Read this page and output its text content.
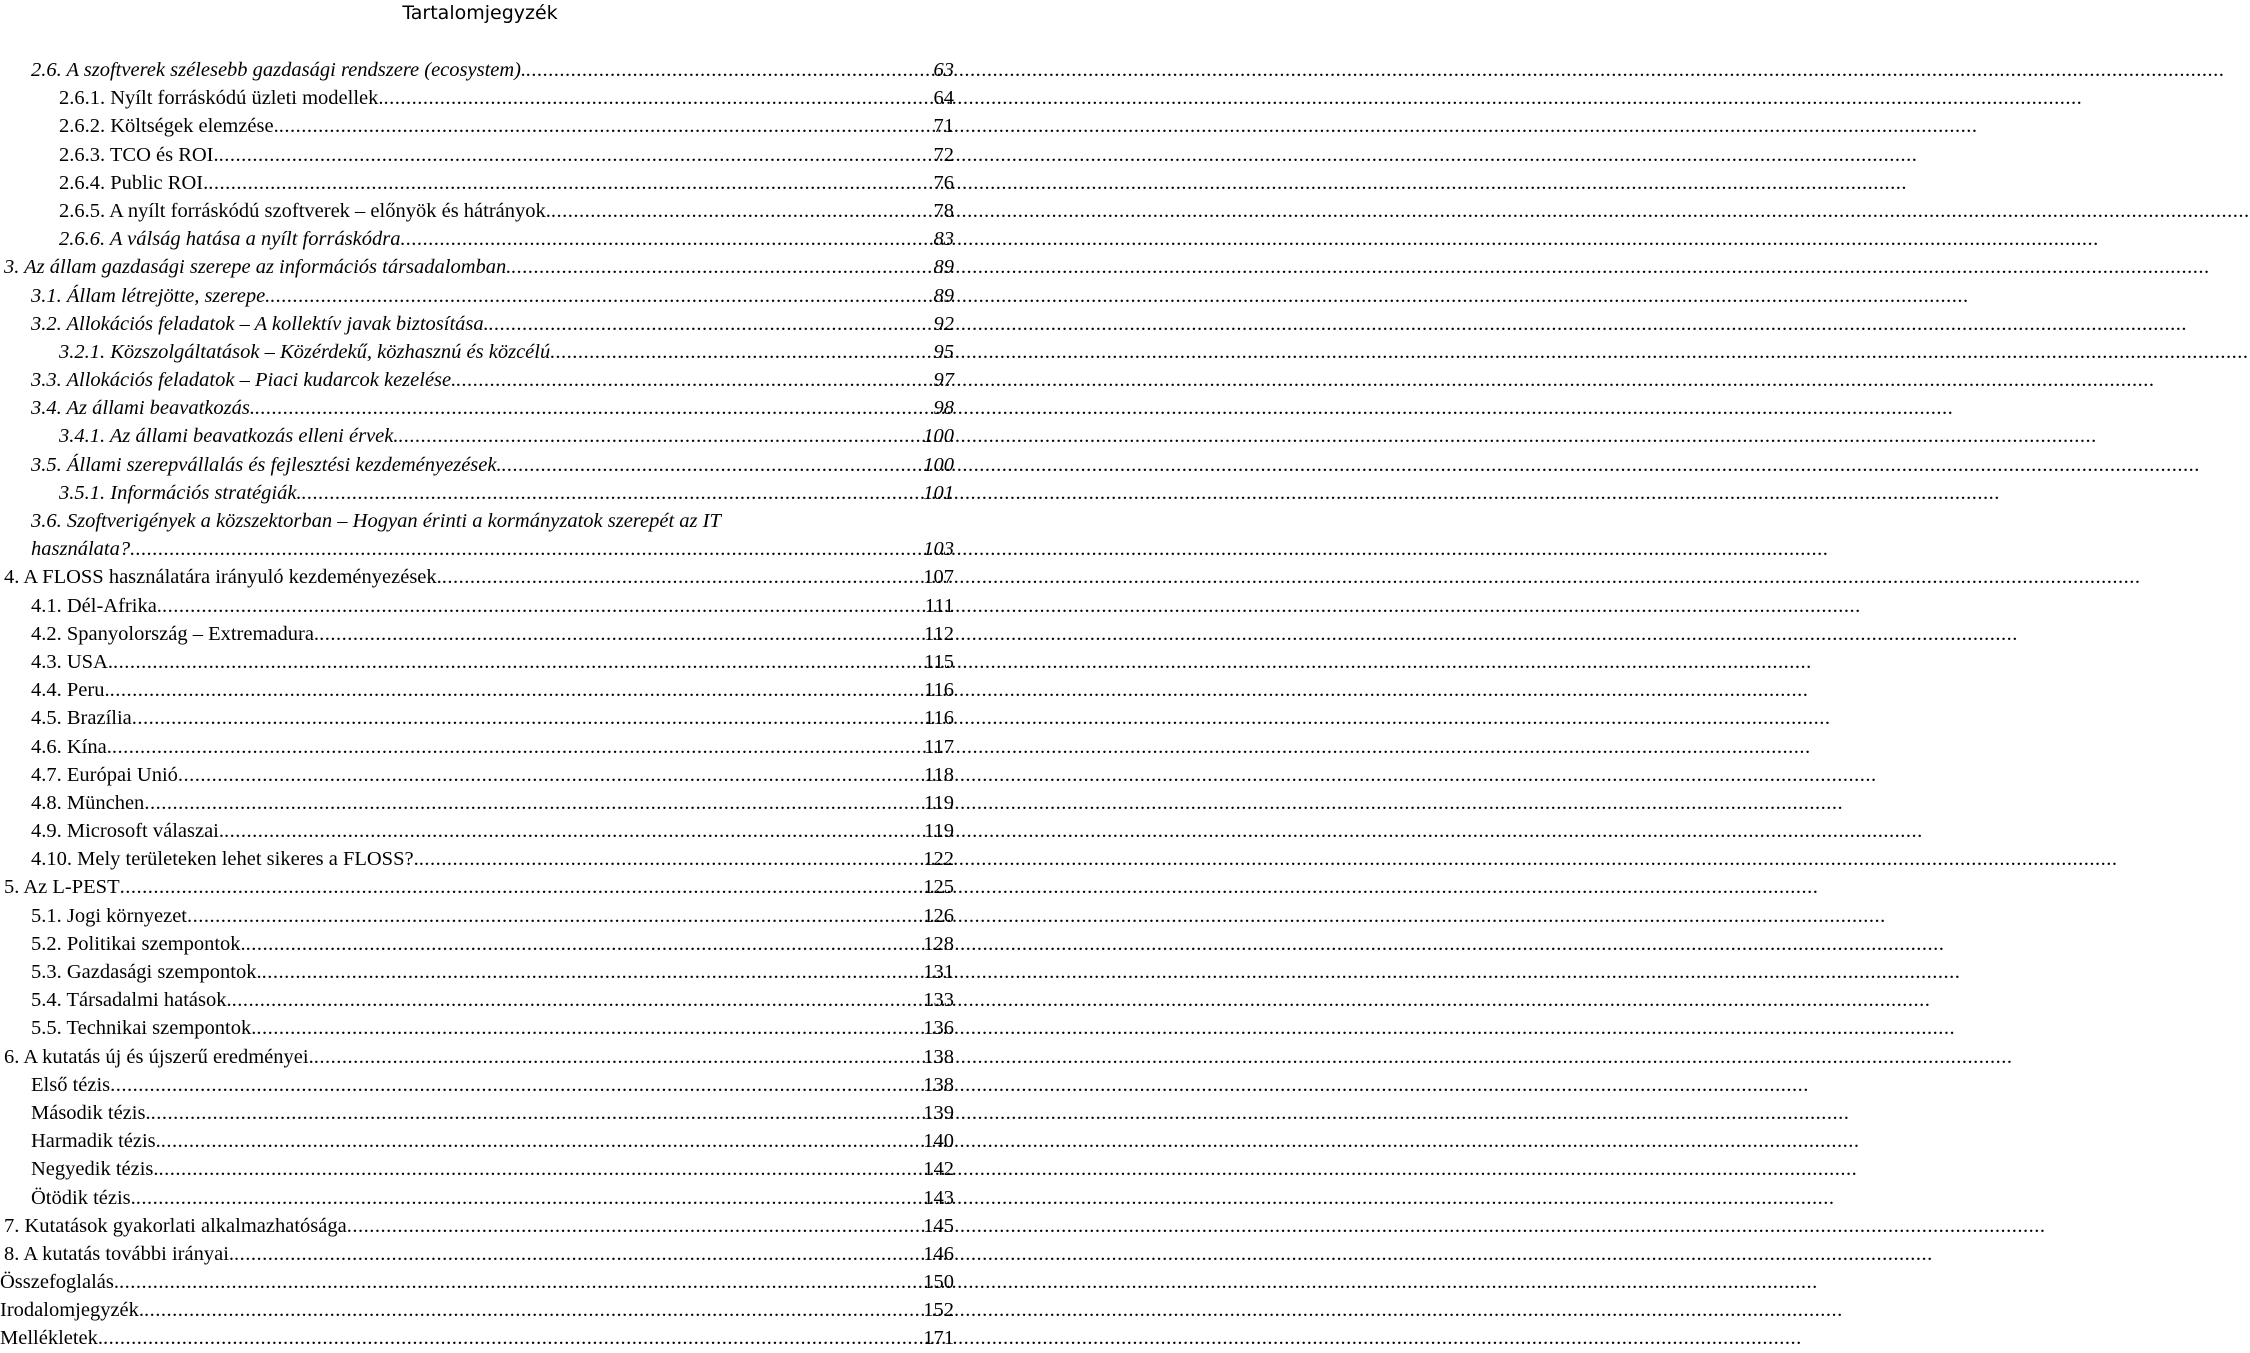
Tartalomjegyzék
2.6. A szoftverek szélesebb gazdasági rendszere (ecosystem). .....	63
2.6.1. Nyílt forráskódú üzleti modellek. .....	64
2.6.2. Költségek elemzése. .....	71
2.6.3. TCO és ROI. .....	72
2.6.4. Public ROI. .....	76
2.6.5. A nyílt forráskódú szoftverek – előnyök és hátrányok. .....	78
2.6.6. A válság hatása a nyílt forráskódra .....	83
3. Az állam gazdasági szerepe az információs társadalomban. .....	89
3.1. Állam létrejötte, szerepe. .....	89
3.2. Allokációs feladatok – A kollektív javak biztosítása. .....	92
3.2.1. Közszolgáltatások – Közérdekű, közhasznú és közcélú .....	95
3.3. Allokációs feladatok – Piaci kudarcok kezelése. .....	97
3.4. Az állami beavatkozás. .....	98
3.4.1. Az állami beavatkozás elleni érvek. .....	100
3.5. Állami szerepvállalás és fejlesztési kezdeményezések. .....	100
3.5.1. Információs stratégiák. .....	101
3.6. Szoftverigények a közszektorban – Hogyan érinti a kormányzatok szerepét az IT
használata? .....	103
4. A FLOSS használatára irányuló kezdeményezések. .....	107
4.1. Dél-Afrika. .....	111
4.2. Spanyolország – Extremadura. .....	112
4.3. USA. .....	115
4.4. Peru. .....	116
4.5. Brazília .....	116
4.6. Kína. .....	117
4.7. Európai Unió .....	118
4.8. München .....	119
4.9. Microsoft válaszai. .....	119
4.10. Mely területeken lehet sikeres a FLOSS?. .....	122
5. Az L-PEST .....	125
5.1. Jogi környezet .....	126
5.2. Politikai szempontok. .....	128
5.3. Gazdasági szempontok. .....	131
5.4. Társadalmi hatások. .....	133
5.5. Technikai szempontok. .....	136
6. A kutatás új és újszerű eredményei. .....	138
Első tézis .....	138
Második tézis. .....	139
Harmadik tézis. .....	140
Negyedik tézis. .....	142
Ötödik tézis. .....	143
7. Kutatások gyakorlati alkalmazhatósága .....	145
8. A kutatás további irányai. .....	146
Összefoglalás. .....	150
Irodalomjegyzék. .....	152
Mellékletek. .....	171
